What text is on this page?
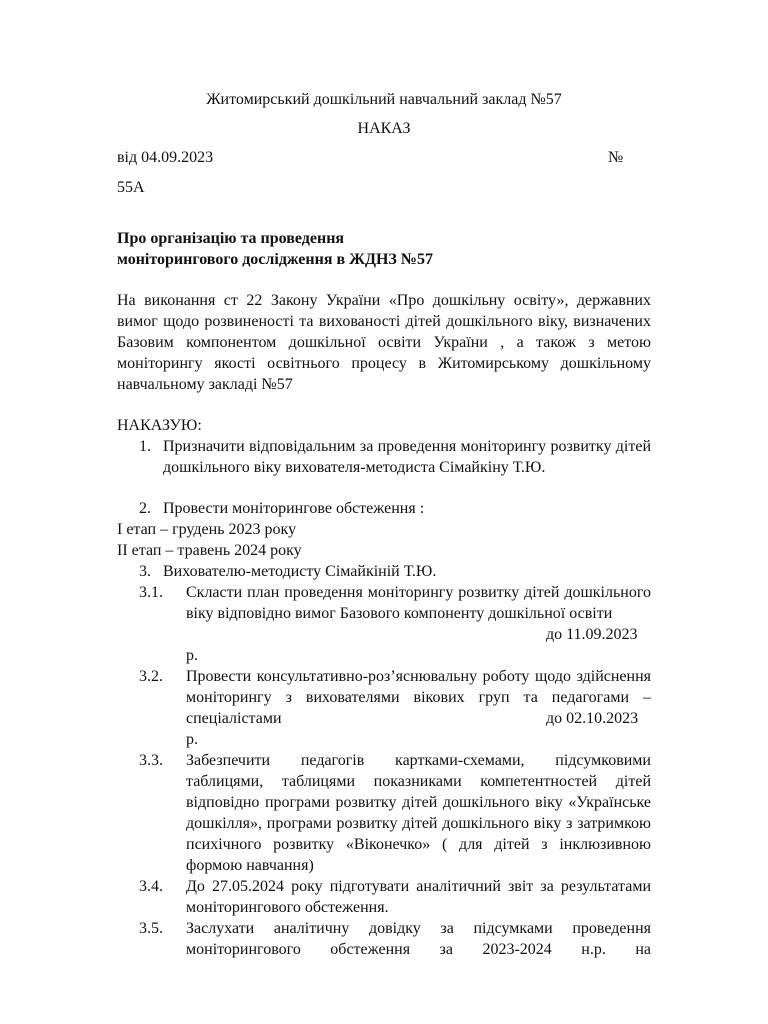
Житомирський дошкільний навчальний заклад №57
НАКАЗ
від 04.09.2023	№
55А
Про організацію та проведення
моніторингового дослідження в ЖДНЗ №57
На виконання ст 22 Закону України «Про дошкільну освіту», державних вимог щодо розвиненості та вихованості дітей дошкільного віку, визначених Базовим компонентом дошкільної освіти України , а також з метою моніторингу якості освітнього процесу в Житомирському дошкільному навчальному закладі №57
НАКАЗУЮ:
1. Призначити відповідальним за проведення моніторингу розвитку дітей дошкільного віку вихователя-методиста Сімайкіну Т.Ю.
2. Провести моніторингове обстеження :
І етап – грудень 2023 року
ІІ етап – травень 2024 року
3. Вихователю-методисту Сімайкіній Т.Ю.
3.1. Скласти план проведення моніторингу розвитку дітей дошкільного віку відповідно вимог Базового компоненту дошкільної освіти
до 11.09.2023
р.
3.2. Провести консультативно-роз’яснювальну роботу щодо здійснення моніторингу з вихователями вікових груп та педагогами – спеціалістами	до 02.10.2023
р.
3.3. Забезпечити педагогів картками-схемами, підсумковими таблицями, таблицями показниками компетентностей дітей відповідно програми розвитку дітей дошкільного віку «Українське дошкілля», програми розвитку дітей дошкільного віку з затримкою психічного розвитку «Віконечко» ( для дітей з інклюзивною формою навчання)
3.4. До 27.05.2024 року підготувати аналітичний звіт за результатами моніторингового обстеження.
3.5. Заслухати аналітичну довідку за підсумками проведення моніторингового обстеження за 2023-2024 н.р. на
